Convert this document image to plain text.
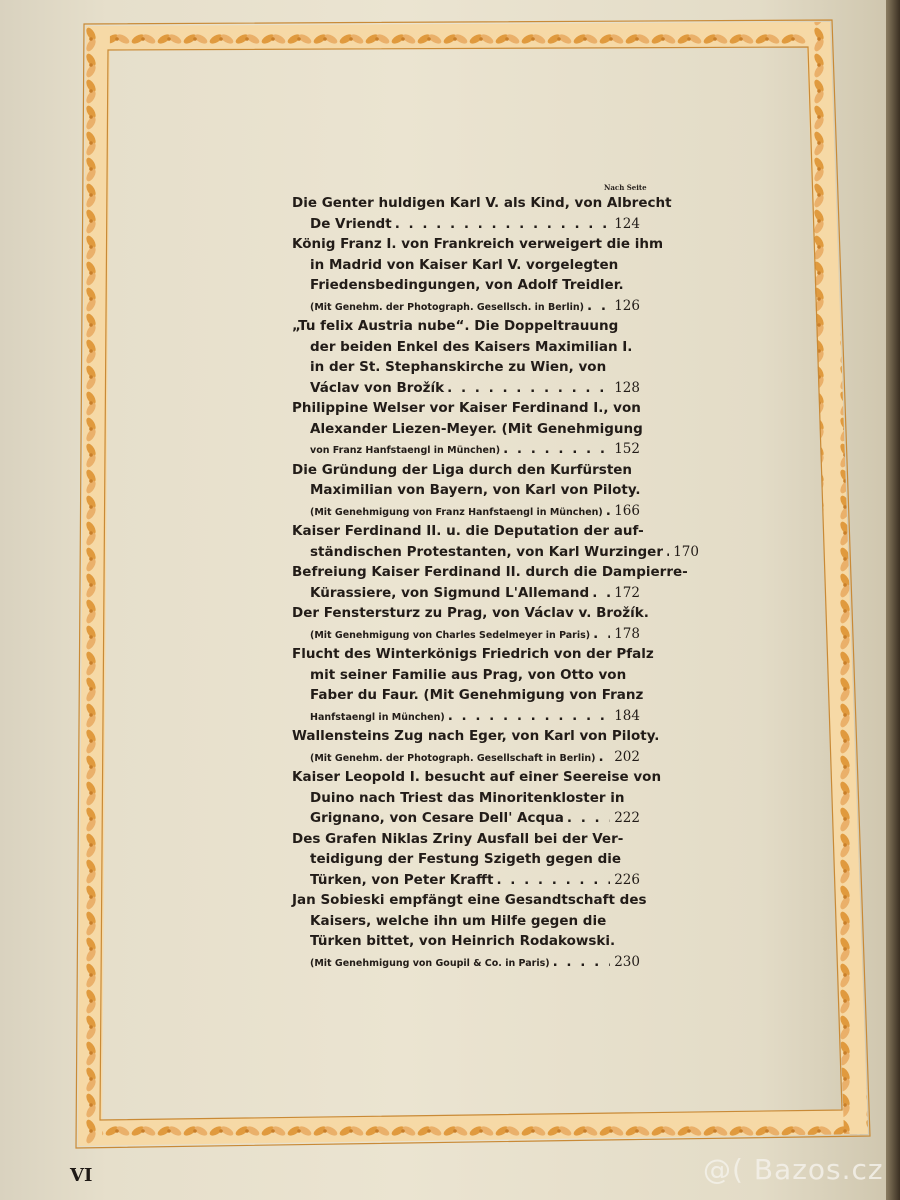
Nach Seite
Die Genter huldigen Karl V. als Kind, von Albrecht
De Vriendt . . .	124
König Franz I. von Frankreich verweigert die ihm
in Madrid von Kaiser Karl V. vorgelegten
Friedensbedingungen, von Adolf Treidler.
(Mit Genehm. der Photograph. Gesellsch. in Berlin) . . .	126
„Tu felix Austria nube“. Die Doppeltrauung
der beiden Enkel des Kaisers Maximilian I.
in der St. Stephanskirche zu Wien, von
Václav von Brožík . . .	128
Philippine Welser vor Kaiser Ferdinand I., von
Alexander Liezen-Meyer. (Mit Genehmigung
von Franz Hanfstaengl in München) . . .	152
Die Gründung der Liga durch den Kurfürsten
Maximilian von Bayern, von Karl von Piloty.
(Mit Genehmigung von Franz Hanfstaengl in München) . . . 166
Kaiser Ferdinand II. u. die Deputation der auf-
ständischen Protestanten, von Karl Wurzinger . . . 170
Befreiung Kaiser Ferdinand II. durch die Dampierre-
Kürassiere, von Sigmund L'Allemand . . .	172
Der Fenstersturz zu Prag, von Václav v. Brožík.
(Mit Genehmigung von Charles Sedelmeyer in Paris) . . .	178
Flucht des Winterkönigs Friedrich von der Pfalz
mit seiner Familie aus Prag, von Otto von
Faber du Faur. (Mit Genehmigung von Franz
Hanfstaengl in München) . . .	184
Wallensteins Zug nach Eger, von Karl von Piloty.
(Mit Genehm. der Photograph. Gesellschaft in Berlin) . . .	202
Kaiser Leopold I. besucht auf einer Seereise von
Duino nach Triest das Minoritenkloster in
Grignano, von Cesare Dell' Acqua . . .	222
Des Grafen Niklas Zriny Ausfall bei der Ver-
teidigung der Festung Szigeth gegen die
Türken, von Peter Krafft . . .	226
Jan Sobieski empfängt eine Gesandtschaft des
Kaisers, welche ihn um Hilfe gegen die
Türken bittet, von Heinrich Rodakowski.
(Mit Genehmigung von Goupil & Co. in Paris) . . .	230
VI	@( Bazos.cz
